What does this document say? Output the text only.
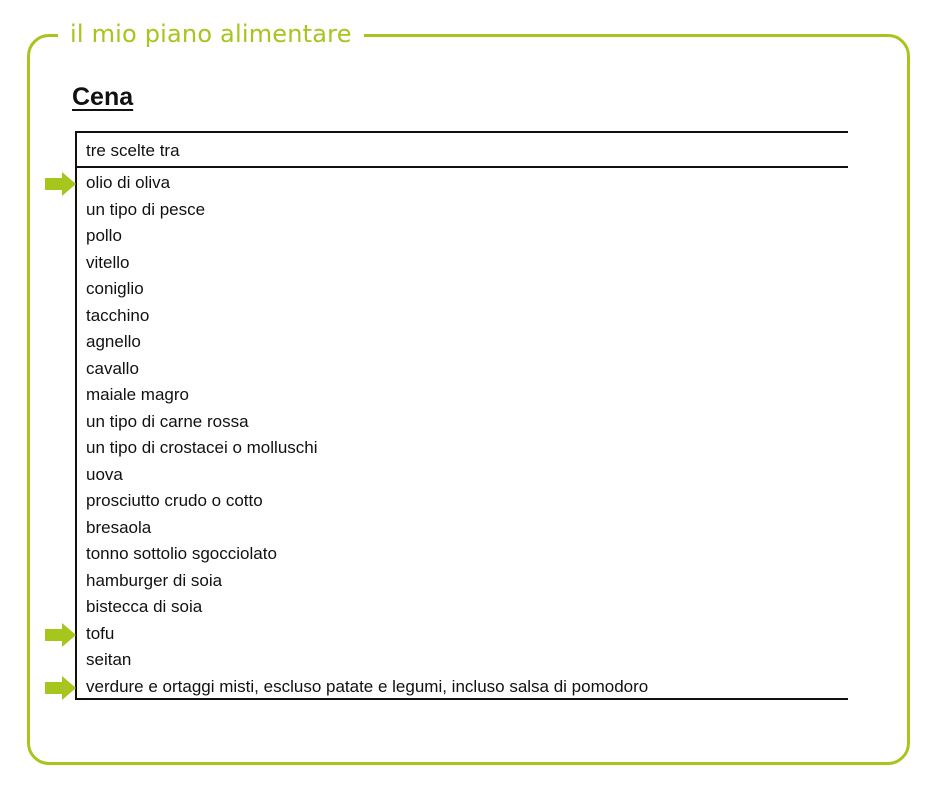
il mio piano alimentare
Cena
tre scelte tra
olio di oliva
un tipo di pesce
pollo
vitello
coniglio
tacchino
agnello
cavallo
maiale magro
un tipo di carne rossa
un tipo di crostacei o molluschi
uova
prosciutto crudo o cotto
bresaola
tonno sottolio sgocciolato
hamburger di soia
bistecca di soia
tofu
seitan
verdure e ortaggi misti, escluso patate e legumi, incluso salsa di pomodoro
